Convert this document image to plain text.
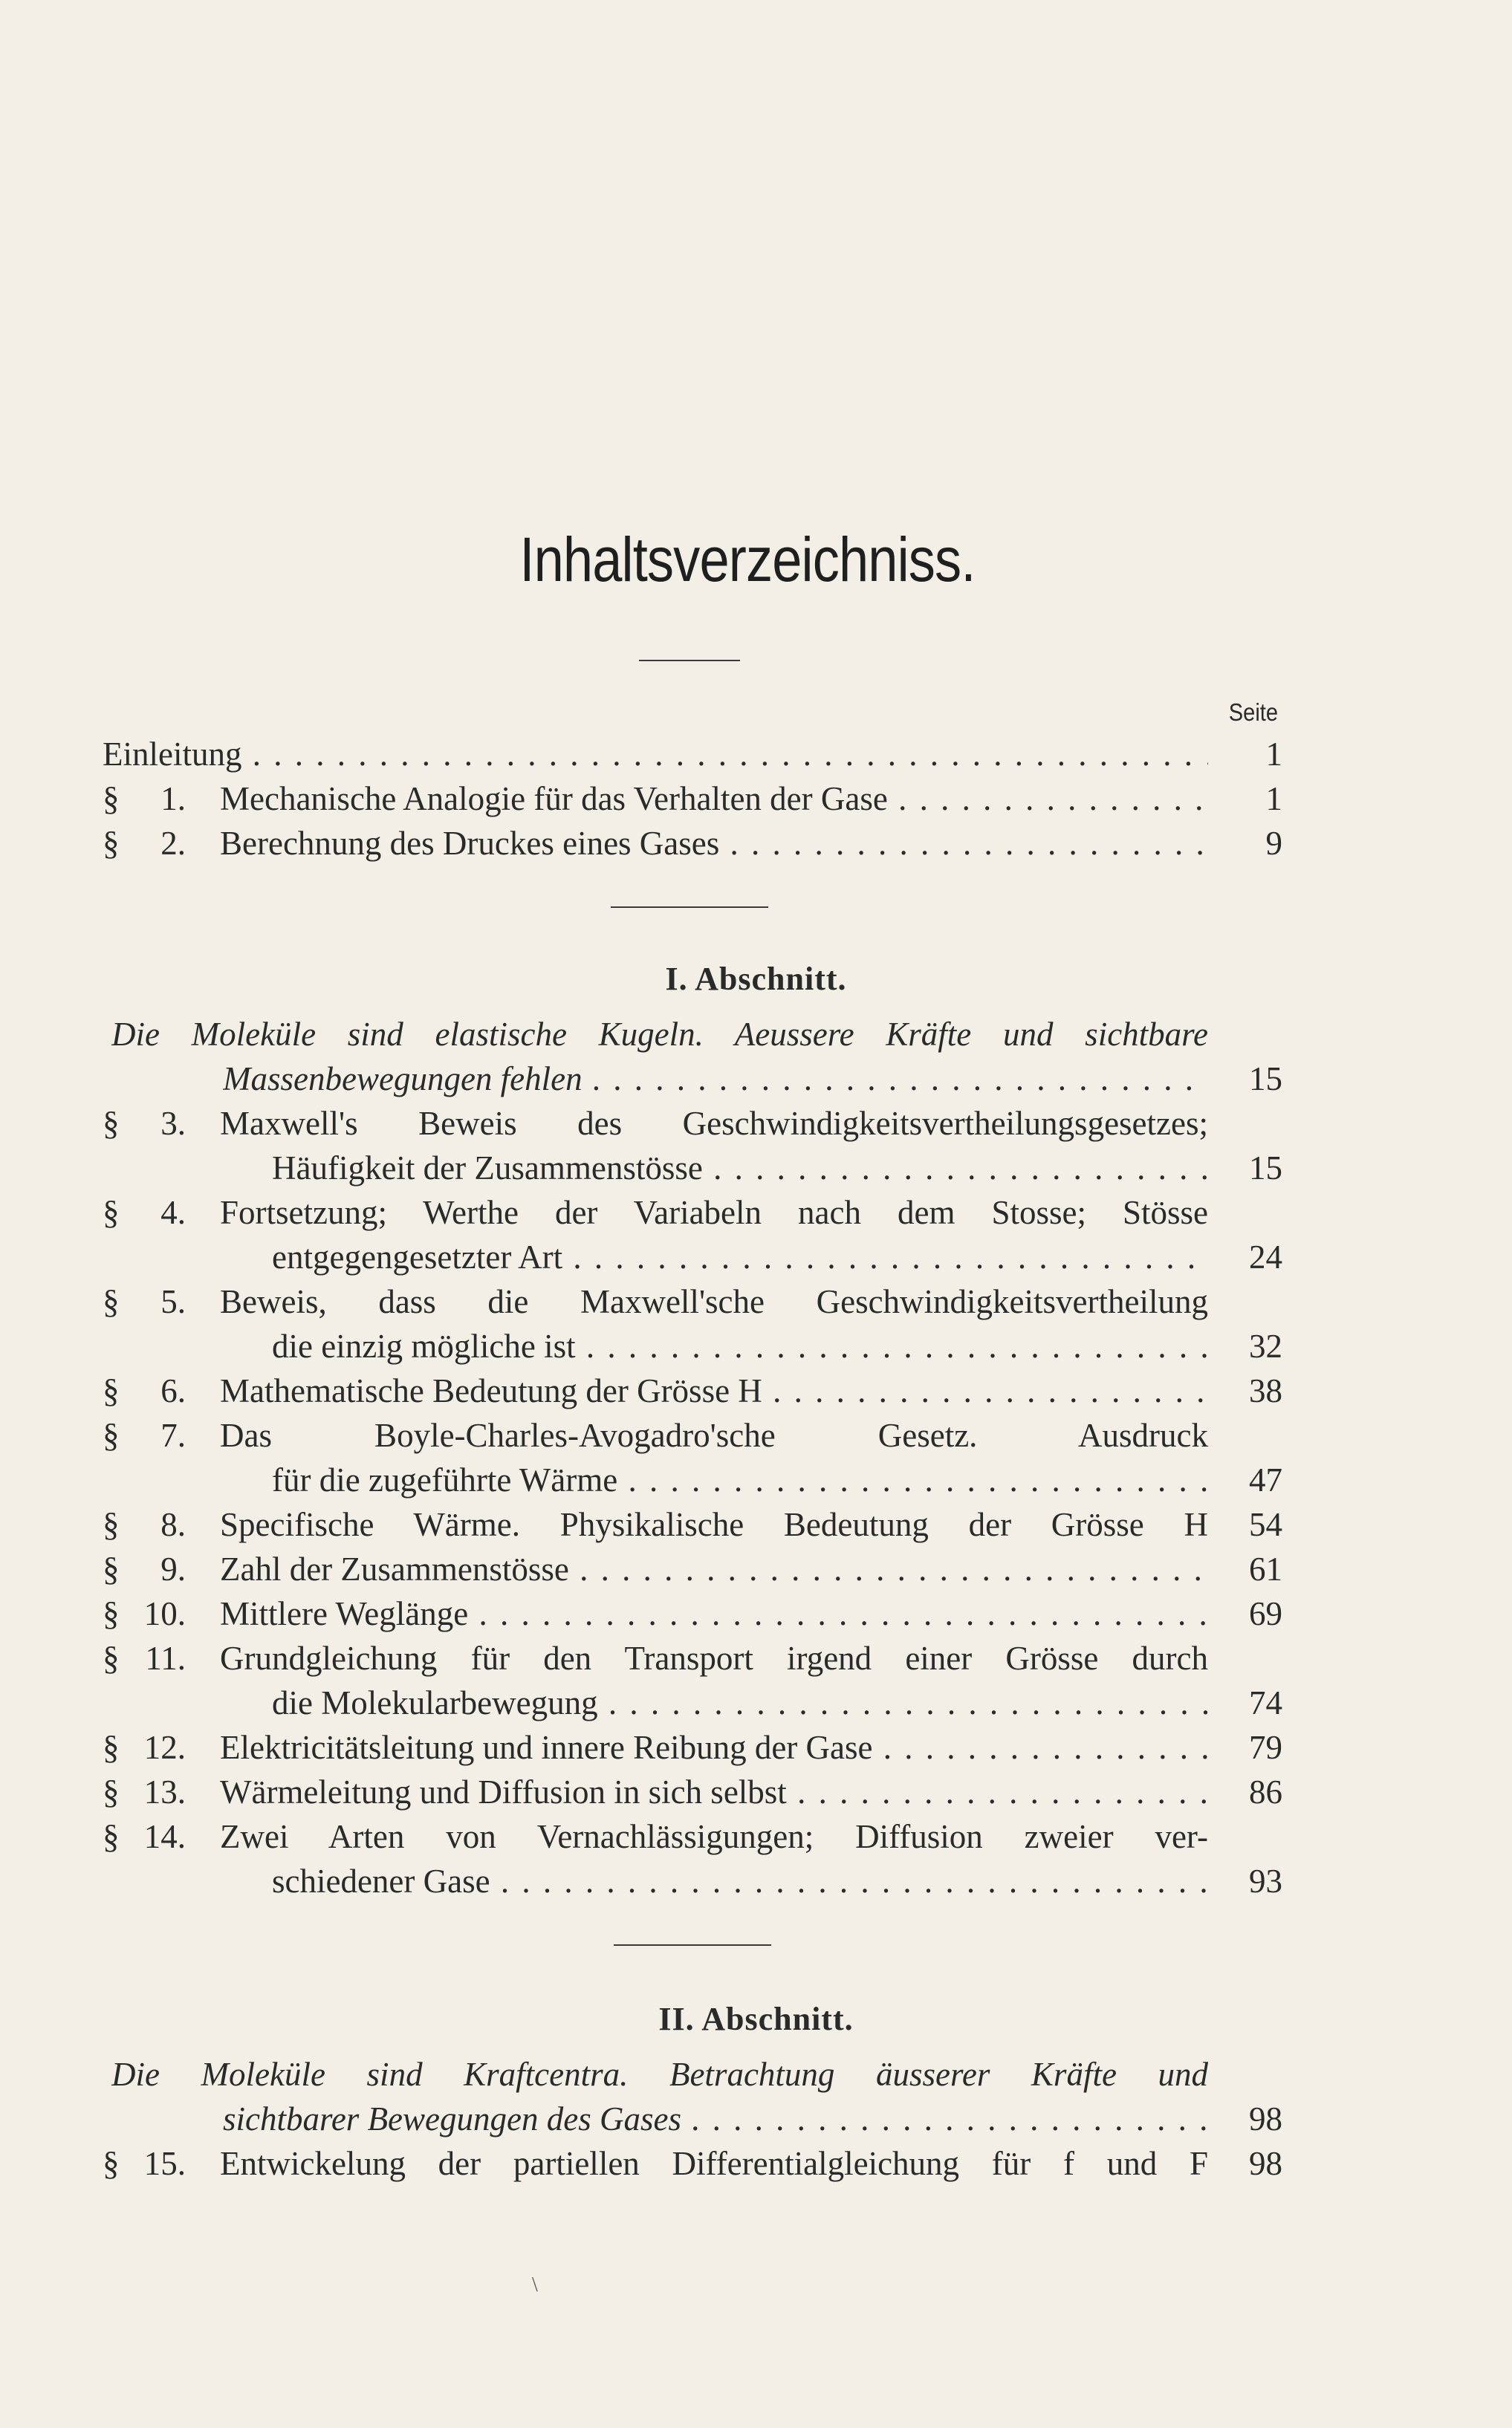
Inhaltsverzeichniss.
Seite
Einleitung . . .	1
§	1. Mechanische Analogie für das Verhalten der Gase . . .	1
§	2. Berechnung des Druckes eines Gases . . .	9
I. Abschnitt.
Die Moleküle sind elastische Kugeln. Aeussere Kräfte und sichtbare
Massenbewegungen fehlen . . .	15
§	3. Maxwell's Beweis des Geschwindigkeitsvertheilungsgesetzes;
Häufigkeit der Zusammenstösse . . .	15
§	4. Fortsetzung; Werthe der Variabeln nach dem Stosse; Stösse
entgegengesetzter Art . . .	24
§	5. Beweis, dass die Maxwell'sche Geschwindigkeitsvertheilung
die einzig mögliche ist . . .	32
§	6. Mathematische Bedeutung der Grösse H . . .	38
§	7. Das Boyle-Charles-Avogadro'sche Gesetz. Ausdruck
für die zugeführte Wärme . . .	47
§	8. Specifische Wärme. Physikalische Bedeutung der Grösse H	54
§	9. Zahl der Zusammenstösse . . .	61
§ 10. Mittlere Weglänge . . .	69
§ 11. Grundgleichung für den Transport irgend einer Grösse durch
die Molekularbewegung . . .	74
§ 12. Elektricitätsleitung und innere Reibung der Gase . . .	79
§ 13. Wärmeleitung und Diffusion in sich selbst . . .	86
§ 14. Zwei Arten von Vernachlässigungen; Diffusion zweier ver-
schiedener Gase . . .	93
II. Abschnitt.
Die Moleküle sind Kraftcentra. Betrachtung äusserer Kräfte und
sichtbarer Bewegungen des Gases . . .	98
§ 15. Entwickelung der partiellen Differentialgleichung für f und F	98
\
